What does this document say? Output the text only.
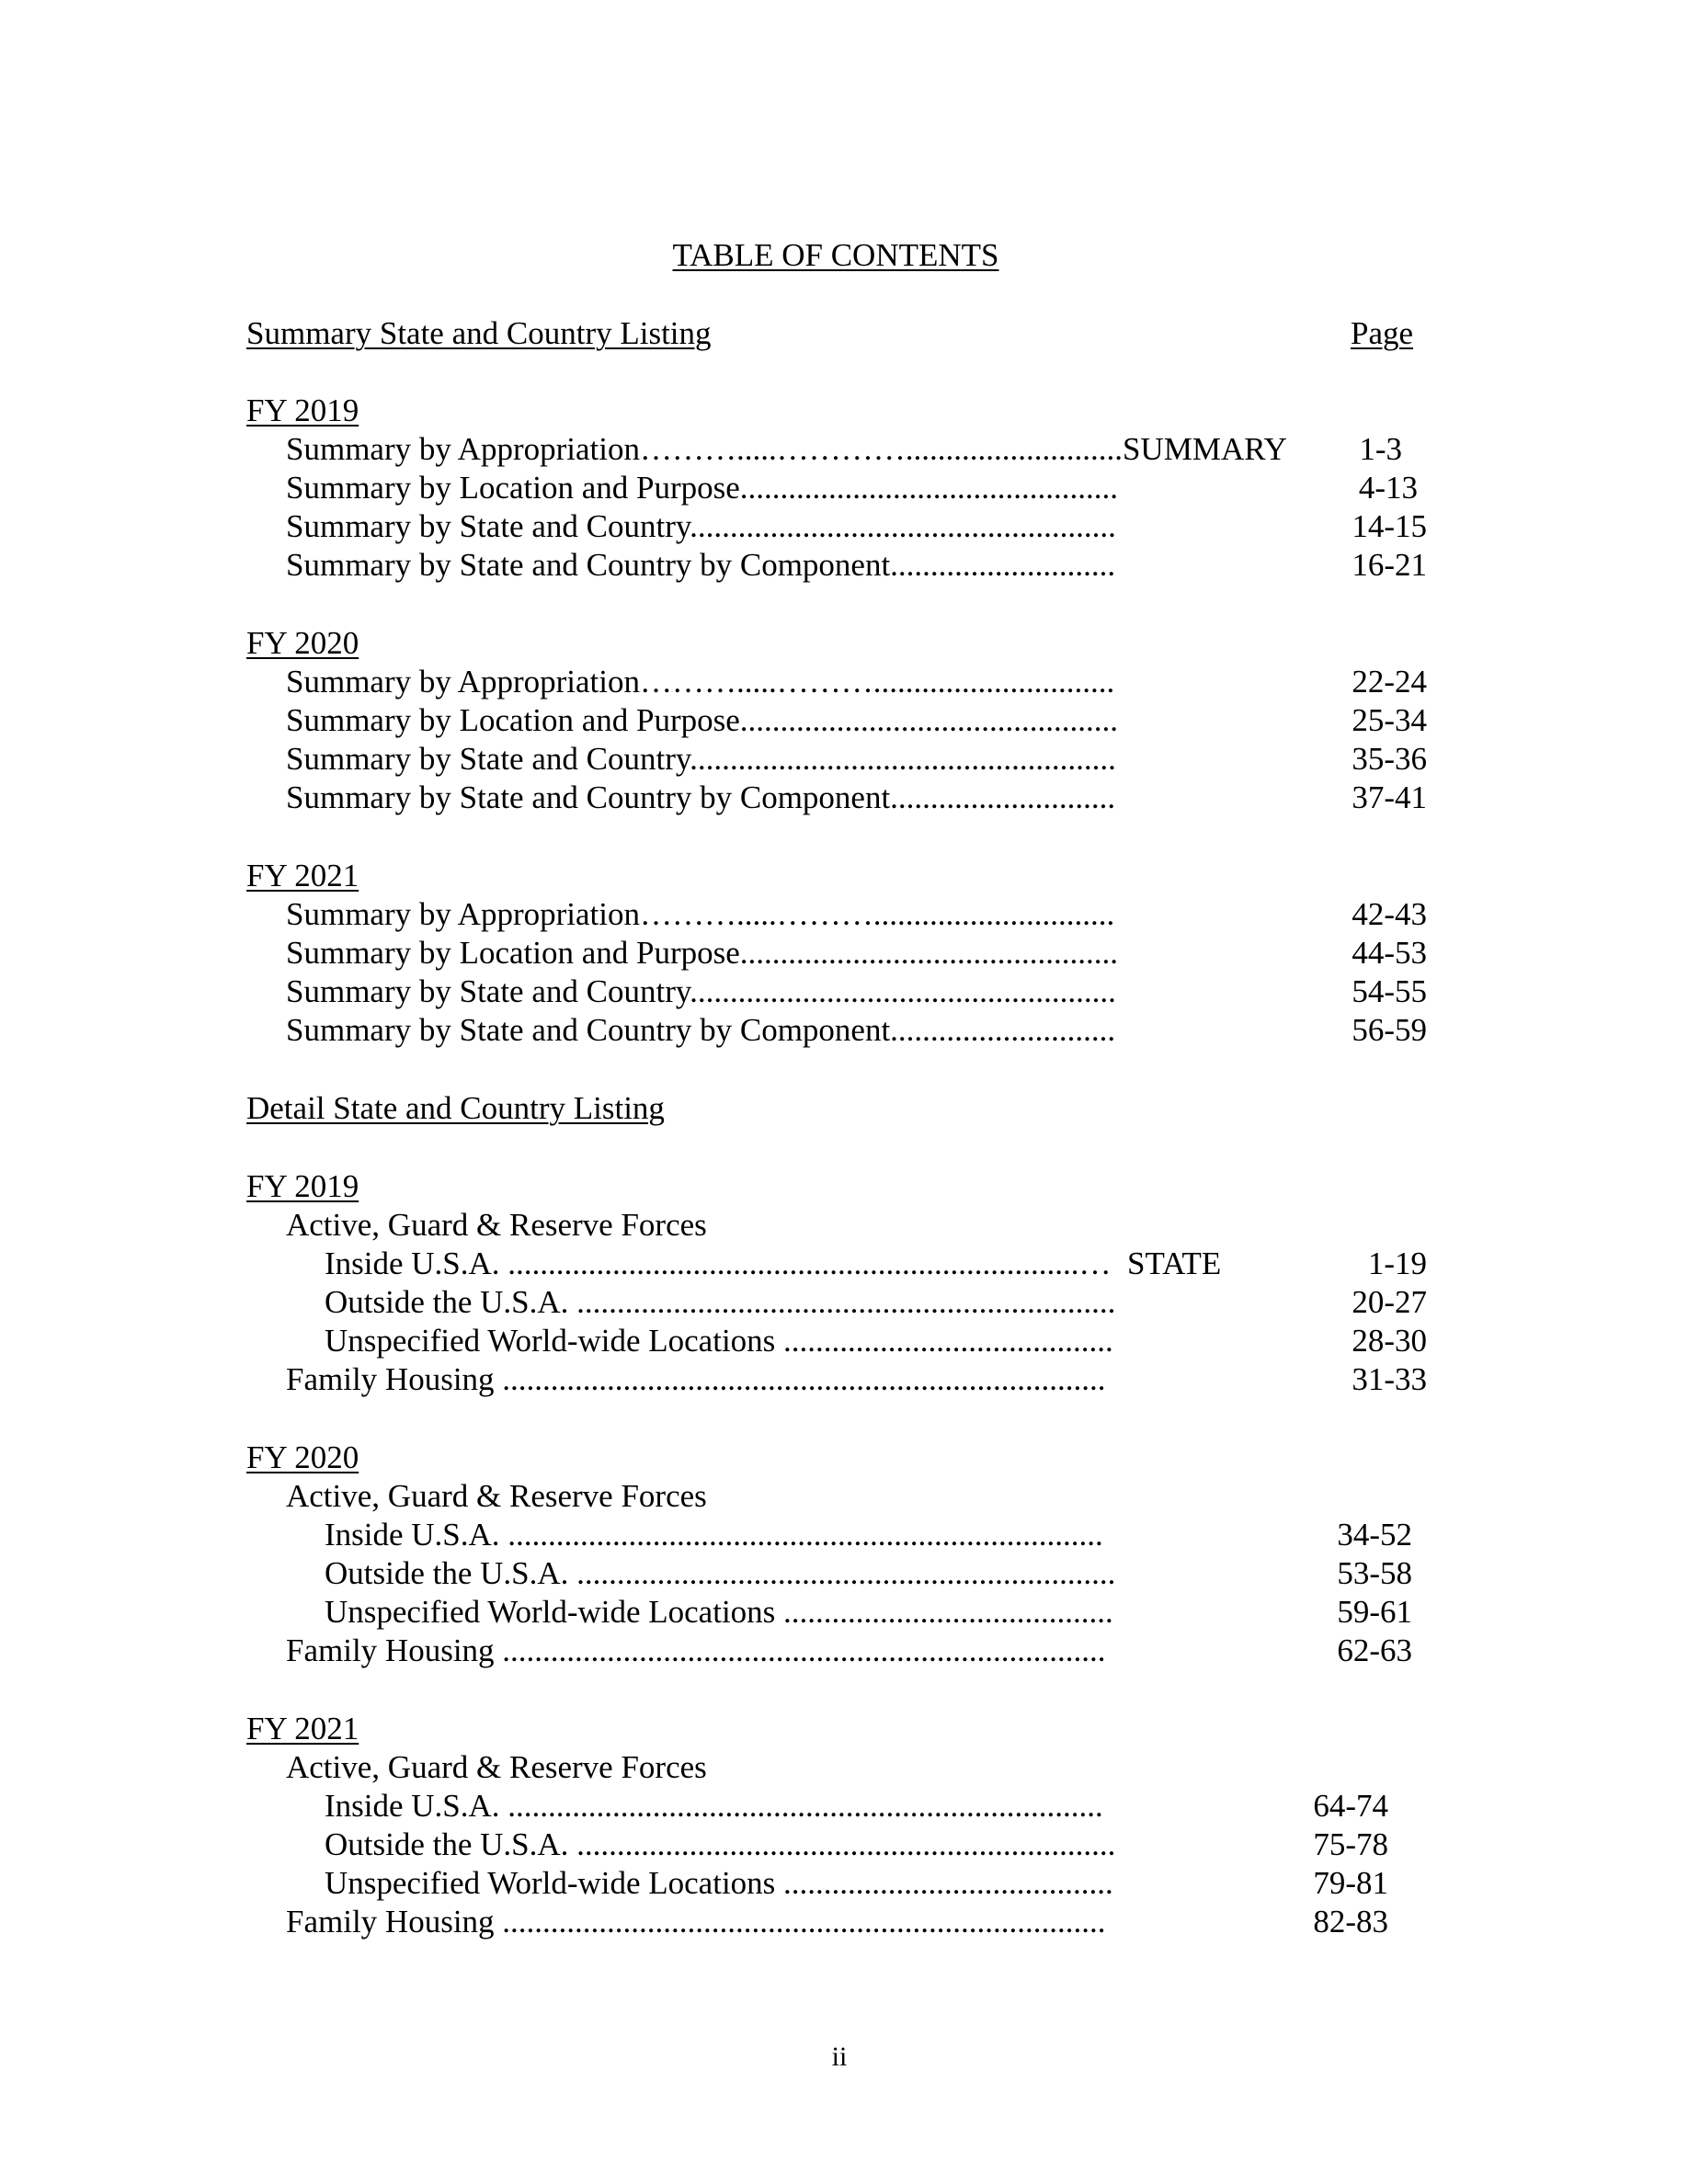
TABLE OF CONTENTS
Summary State and Country Listing	Page
FY 2019
Summary by Appropriation……….....…………...........................SUMMARY 1-3
Summary by Location and Purpose...............................................	4-13
Summary by State and Country.....................................................	14-15
Summary by State and Country by Component............................	16-21
FY 2020
Summary by Appropriation……….....………..............................	22-24
Summary by Location and Purpose...............................................	25-34
Summary by State and Country.....................................................	35-36
Summary by State and Country by Component............................	37-41
FY 2021
Summary by Appropriation……….....………..............................	42-43
Summary by Location and Purpose...............................................	44-53
Summary by State and Country.....................................................	54-55
Summary by State and Country by Component............................	56-59
Detail State and Country Listing
FY 2019
Active, Guard & Reserve Forces
Inside U.S.A. .......................................................................…  STATE	1-19
Outside the U.S.A. ...................................................................	20-27
Unspecified World-wide Locations .........................................	28-30
Family Housing ...........................................................................	31-33
FY 2020
Active, Guard & Reserve Forces
Inside U.S.A. ..........................................................................	34-52
Outside the U.S.A. ...................................................................	53-58
Unspecified World-wide Locations .........................................	59-61
Family Housing ...........................................................................	62-63
FY 2021
Active, Guard & Reserve Forces
Inside U.S.A. ..........................................................................	64-74
Outside the U.S.A. ...................................................................	75-78
Unspecified World-wide Locations .........................................	79-81
Family Housing ...........................................................................	82-83
ii
